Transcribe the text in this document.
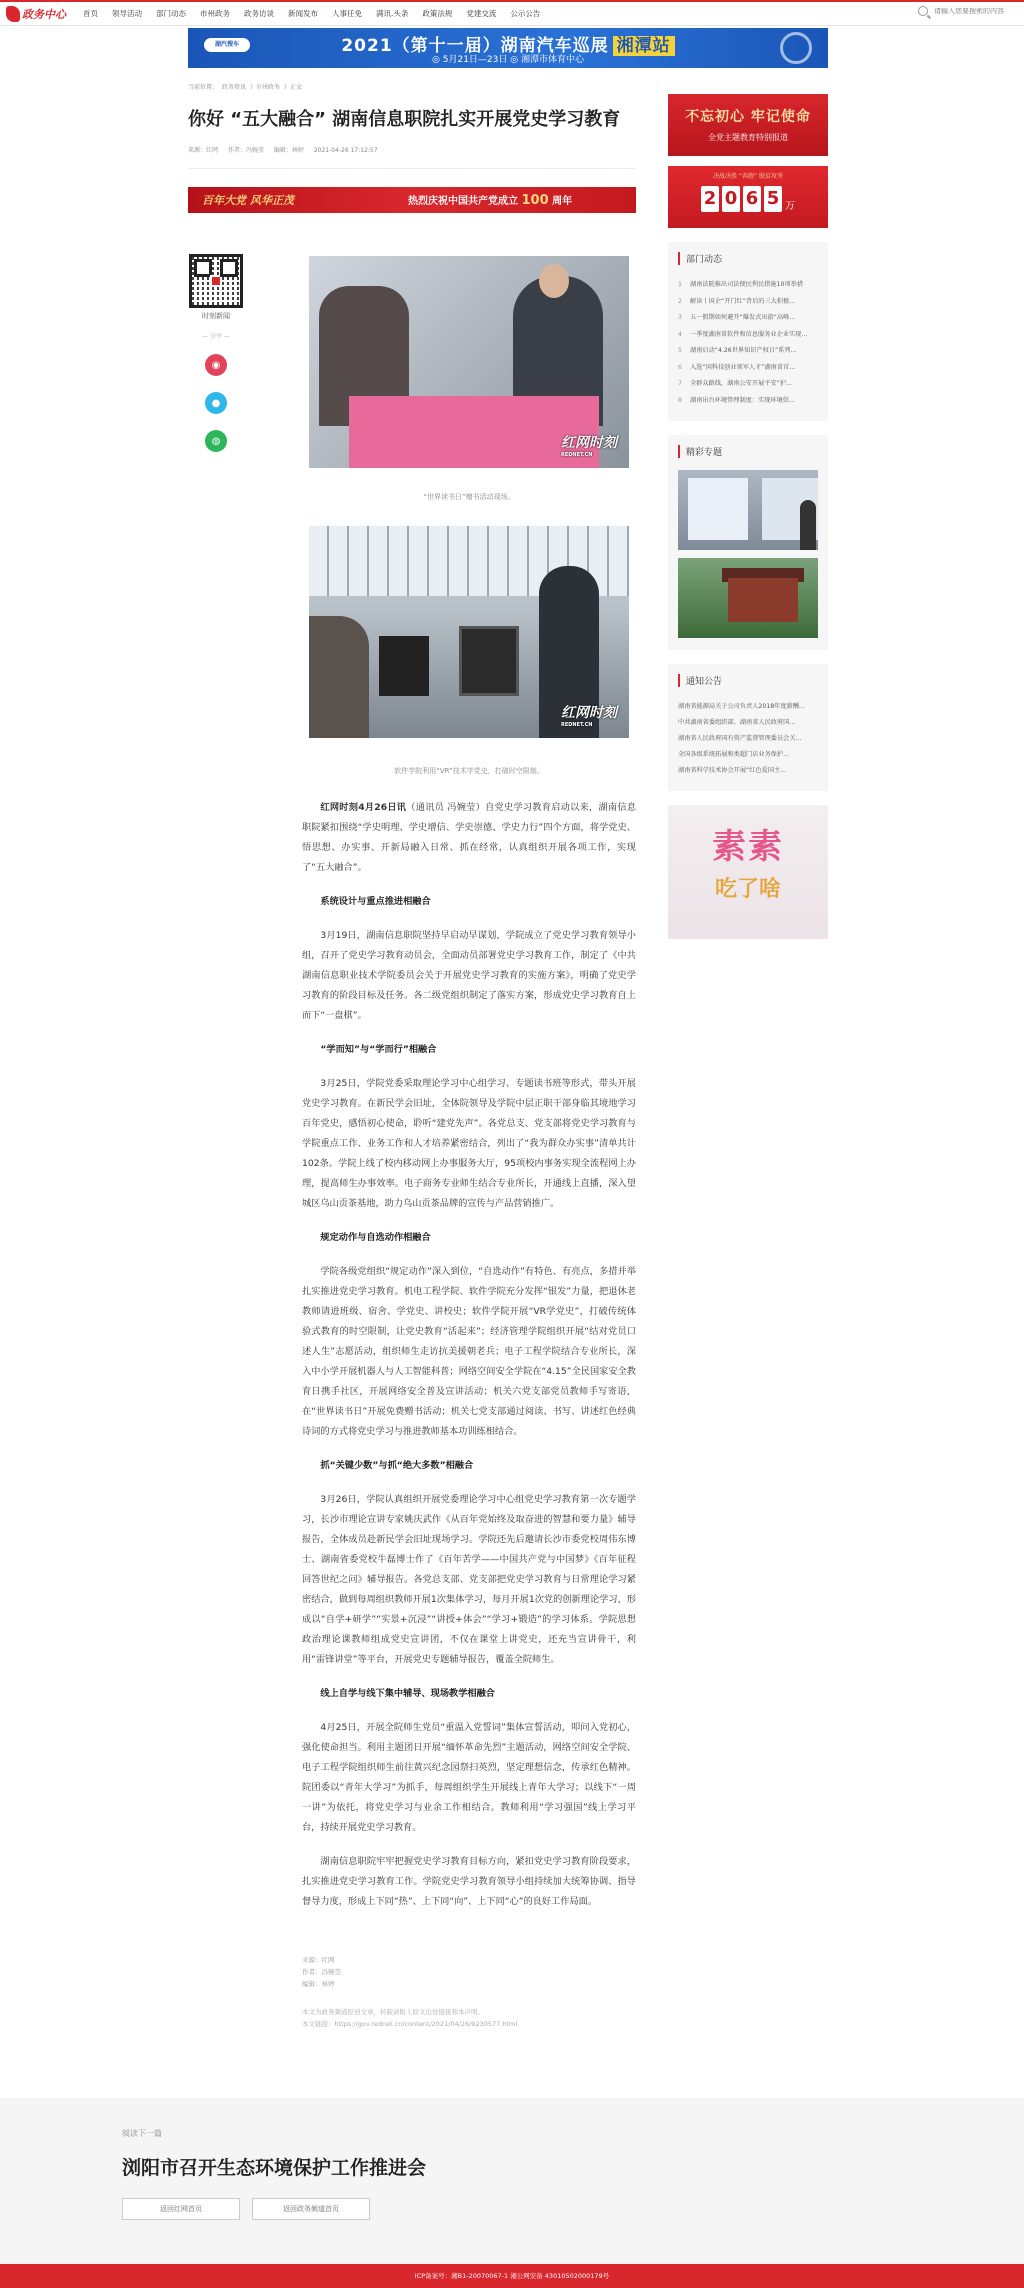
政务中心	首页	领导活动	部门动态	市州政务	政务访谈	新闻发布	人事任免	满讯.头条	政策法规	党建交流	公示公告
请输入您要搜索的内容
湖汽搜车	2021（第十一届）湖南汽车巡展 湘潭站
◎ 5月21日—23日 ◎ 湘潭市体育中心
当前位置： 政务资讯 》市州政务 》正文
你好 “五大融合” 湖南信息职院扎实开展党史学习教育
来源：红网 作者：冯婉莹 编辑：林婷 2021-04-26 17:12:57
百年大党 风华正茂	热烈庆祝中国共产党成立 100 周年
时刻新闻
— 分享 —
◉
●
◍	红网时刻
REDNET.CN
“世界读书日”赠书活动现场。
红网时刻
REDNET.CN
软件学院利用“VR”技术学党史，打破时空限制。

红网时刻4月26日讯（通讯员 冯婉莹）自党史学习教育启动以来，湖南信息职院紧扣围绕“学史明理、学史增信、学史崇德、学史力行”四个方面，将学党史、悟思想、办实事、开新局融入日常、抓在经常，认真组织开展各项工作，实现了“五大融合”。

系统设计与重点推进相融合

3月19日，湖南信息职院坚持早启动早谋划，学院成立了党史学习教育领导小组，召开了党史学习教育动员会，全面动员部署党史学习教育工作，制定了《中共湖南信息职业技术学院委员会关于开展党史学习教育的实施方案》，明确了党史学习教育的阶段目标及任务。各二级党组织制定了落实方案，形成党史学习教育自上而下“一盘棋”。

“学而知”与“学而行”相融合

3月25日，学院党委采取理论学习中心组学习、专题读书班等形式，带头开展党史学习教育。在新民学会旧址，全体院领导及学院中层正职干部身临其境地学习百年党史，感悟初心使命，聆听“建党先声”。各党总支、党支部将党史学习教育与学院重点工作、业务工作和人才培养紧密结合，列出了“我为群众办实事”清单共计102条。学院上线了校内移动网上办事服务大厅，95项校内事务实现全流程网上办理，提高师生办事效率。电子商务专业师生结合专业所长，开通线上直播，深入望城区乌山贡茶基地，助力乌山贡茶品牌的宣传与产品营销推广。

规定动作与自选动作相融合

学院各级党组织“规定动作”深入到位，“自选动作”有特色、有亮点，多措并举扎实推进党史学习教育。机电工程学院、软件学院充分发挥“银发”力量，把退休老教师请进班级、宿舍、学党史、讲校史；软件学院开展“VR学党史”，打破传统体验式教育的时空限制，让党史教育“活起来”；经济管理学院组织开展“结对党员口述人生”志愿活动，组织师生走访抗美援朝老兵；电子工程学院结合专业所长，深入中小学开展机器人与人工智能科普；网络空间安全学院在“4.15”全民国家安全教育日携手社区，开展网络安全普及宣讲活动；机关六党支部党员教师手写寄语，在“世界读书日”开展免费赠书活动；机关七党支部通过阅读、书写、讲述红色经典诗词的方式将党史学习与推进教师基本功训练相结合。

抓“关键少数”与抓“绝大多数”相融合

3月26日，学院认真组织开展党委理论学习中心组党史学习教育第一次专题学习，长沙市理论宣讲专家姚庆武作《从百年党始终及取奋进的智慧和要力量》辅导报告，全体成员赴新民学会旧址现场学习。学院还先后邀请长沙市委党校周伟东博士、湖南省委党校牛磊博士作了《百年苦学——中国共产党与中国梦》《百年征程回答世纪之问》辅导报告。各党总支部、党支部把党史学习教育与日常理论学习紧密结合，做到每周组织教师开展1次集体学习，每月开展1次党的创新理论学习，形成以“自学+研学”“实景+沉浸”“讲授+体会”“学习+锻造”的学习体系。学院思想政治理论课教师组成党史宣讲团，不仅在课堂上讲党史，还充当宣讲骨干，利用“雷锋讲堂”等平台，开展党史专题辅导报告，覆盖全院师生。

线上自学与线下集中辅导、现场教学相融合

4月25日，开展全院师生党员“重温入党誓词”集体宣誓活动，叩问入党初心，强化使命担当。利用主题团日开展“缅怀革命先烈”主题活动，网络空间安全学院、电子工程学院组织师生前往黄兴纪念园祭扫英烈，坚定理想信念，传承红色精神。院团委以“青年大学习”为抓手，每周组织学生开展线上青年大学习；以线下“一周一讲”为依托，将党史学习与业余工作相结合。教师利用“学习强国”线上学习平台，持续开展党史学习教育。

湖南信息职院牢牢把握党史学习教育目标方向，紧扣党史学习教育阶段要求，扎实推进党史学习教育工作。学院党史学习教育领导小组持续加大统筹协调、指导督导力度，形成上下同“热”、上下同“向”、上下同“心”的良好工作局面。

来源：红网
作者：冯婉莹
编辑：林婷
本文为政务频道原创文章，转载请附上原文出处链接和本声明。
本文链接：https://gov.rednet.cn/content/2021/04/26/9230577.html
不忘初心 牢记使命
全党主题教育特别报道
决战决胜 “奔跑” 脱贫攻坚
2 0 6 5 万
部门动态
1 湖南法院推出司法便民利民措施10项举措
2 解读丨国企“开门红”背后的三大积极...
3 五一假期如何避开“爆发式出游”高峰...
4 一季度湖南省软件和信息服务业企业实现...
5 湖南启动“4.26世界知识产权日”系列...
6 入选“国科技创业领军人才”湖南省首...
7 全群众路线，湖南公安开展平安“护...
8 湖南出台环境管理制度：实现环境信...
精彩专题
通知公告
湖南省能源局关于公司负责人2018年度薪酬...
中共湖南省委组织部、湖南省人民政府国...
湖南省人民政府国有资产监督管理委员会关...
全国各级系统拓展和类超门店业务保护...
湖南省科学技术协会开展“红色爱国主...
素素
吃了啥
阅读下一篇
浏阳市召开生态环境保护工作推进会
返回红网首页	返回政务频道首页
ICP备案号：湘B1-20070067-1 湘公网安备 43010502000179号
